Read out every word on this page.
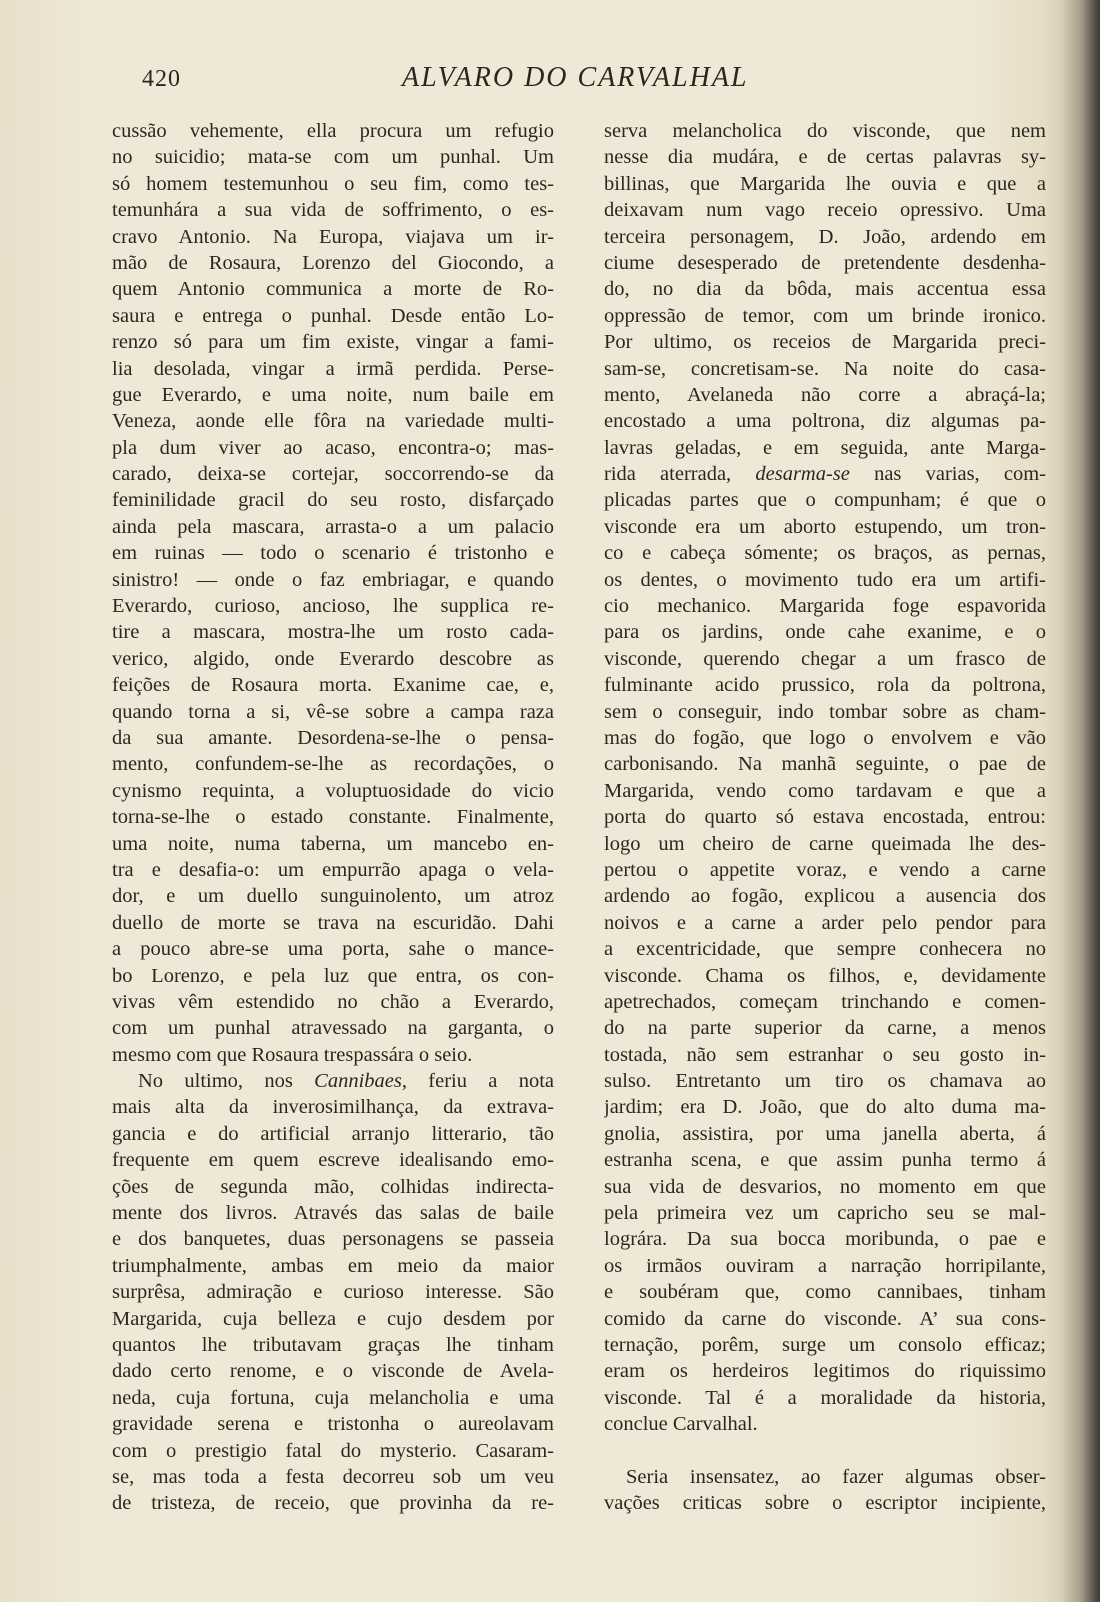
420	ALVARO DO CARVALHAL
cussão vehemente, ella procura um refugio
no suicidio; mata-se com um punhal. Um
só homem testemunhou o seu fim, como tes-
temunhára a sua vida de soffrimento, o es-
cravo Antonio. Na Europa, viajava um ir-
mão de Rosaura, Lorenzo del Giocondo, a
quem Antonio communica a morte de Ro-
saura e entrega o punhal. Desde então Lo-
renzo só para um fim existe, vingar a fami-
lia desolada, vingar a irmã perdida. Perse-
gue Everardo, e uma noite, num baile em
Veneza, aonde elle fôra na variedade multi-
pla dum viver ao acaso, encontra-o; mas-
carado, deixa-se cortejar, soccorrendo-se da
feminilidade gracil do seu rosto, disfarçado
ainda pela mascara, arrasta-o a um palacio
em ruinas — todo o scenario é tristonho e
sinistro! — onde o faz embriagar, e quando
Everardo, curioso, ancioso, lhe supplica re-
tire a mascara, mostra-lhe um rosto cada-
verico, algido, onde Everardo descobre as
feições de Rosaura morta. Exanime cae, e,
quando torna a si, vê-se sobre a campa raza
da sua amante. Desordena-se-lhe o pensa-
mento, confundem-se-lhe as recordações, o
cynismo requinta, a voluptuosidade do vicio
torna-se-lhe o estado constante. Finalmente,
uma noite, numa taberna, um mancebo en-
tra e desafia-o: um empurrão apaga o vela-
dor, e um duello sunguinolento, um atroz
duello de morte se trava na escuridão. Dahi
a pouco abre-se uma porta, sahe o mance-
bo Lorenzo, e pela luz que entra, os con-
vivas vêm estendido no chão a Everardo,
com um punhal atravessado na garganta, o
mesmo com que Rosaura trespassára o seio.
No ultimo, nos Cannibaes, feriu a nota
mais alta da inverosimilhança, da extrava-
gancia e do artificial arranjo litterario, tão
frequente em quem escreve idealisando emo-
ções de segunda mão, colhidas indirecta-
mente dos livros. Através das salas de baile
e dos banquetes, duas personagens se passeia
triumphalmente, ambas em meio da maior
surprêsa, admiração e curioso interesse. São
Margarida, cuja belleza e cujo desdem por
quantos lhe tributavam graças lhe tinham
dado certo renome, e o visconde de Avela-
neda, cuja fortuna, cuja melancholia e uma
gravidade serena e tristonha o aureolavam
com o prestigio fatal do mysterio. Casaram-
se, mas toda a festa decorreu sob um veu
de tristeza, de receio, que provinha da re-
serva melancholica do visconde, que nem
nesse dia mudára, e de certas palavras sy-
billinas, que Margarida lhe ouvia e que a
deixavam num vago receio opressivo. Uma
terceira personagem, D. João, ardendo em
ciume desesperado de pretendente desdenha-
do, no dia da bôda, mais accentua essa
oppressão de temor, com um brinde ironico.
Por ultimo, os receios de Margarida preci-
sam-se, concretisam-se. Na noite do casa-
mento, Avelaneda não corre a abraçá-la;
encostado a uma poltrona, diz algumas pa-
lavras geladas, e em seguida, ante Marga-
rida aterrada, desarma-se nas varias, com-
plicadas partes que o compunham; é que o
visconde era um aborto estupendo, um tron-
co e cabeça sómente; os braços, as pernas,
os dentes, o movimento tudo era um artifi-
cio mechanico. Margarida foge espavorida
para os jardins, onde cahe exanime, e o
visconde, querendo chegar a um frasco de
fulminante acido prussico, rola da poltrona,
sem o conseguir, indo tombar sobre as cham-
mas do fogão, que logo o envolvem e vão
carbonisando. Na manhã seguinte, o pae de
Margarida, vendo como tardavam e que a
porta do quarto só estava encostada, entrou:
logo um cheiro de carne queimada lhe des-
pertou o appetite voraz, e vendo a carne
ardendo ao fogão, explicou a ausencia dos
noivos e a carne a arder pelo pendor para
a excentricidade, que sempre conhecera no
visconde. Chama os filhos, e, devidamente
apetrechados, começam trinchando e comen-
do na parte superior da carne, a menos
tostada, não sem estranhar o seu gosto in-
sulso. Entretanto um tiro os chamava ao
jardim; era D. João, que do alto duma ma-
gnolia, assistira, por uma janella aberta, á
estranha scena, e que assim punha termo á
sua vida de desvarios, no momento em que
pela primeira vez um capricho seu se mal-
lográra. Da sua bocca moribunda, o pae e
os irmãos ouviram a narração horripilante,
e soubéram que, como cannibaes, tinham
comido da carne do visconde. A’ sua cons-
ternação, porêm, surge um consolo efficaz;
eram os herdeiros legitimos do riquissimo
visconde. Tal é a moralidade da historia,
conclue Carvalhal.
Seria insensatez, ao fazer algumas obser-
vações criticas sobre o escriptor incipiente,
